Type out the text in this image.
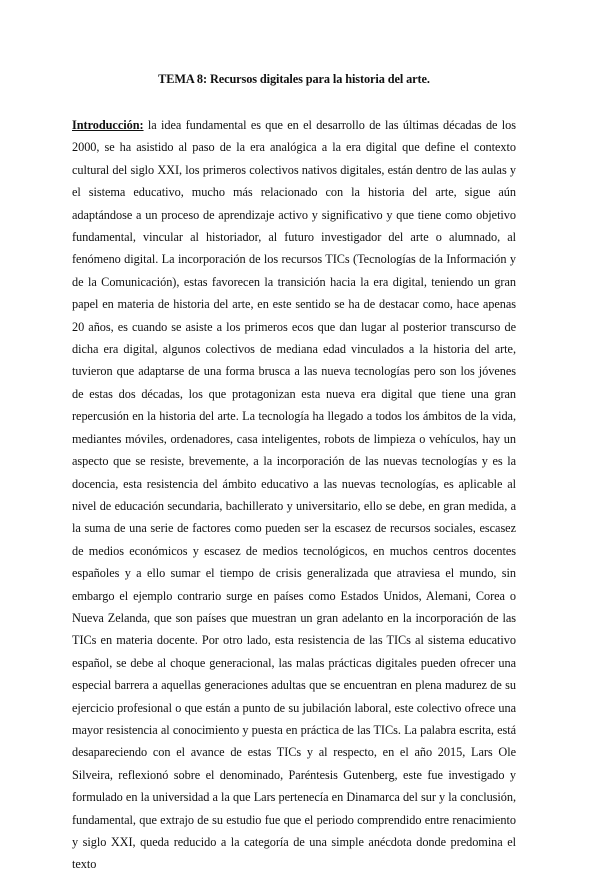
TEMA 8: Recursos digitales para la historia del arte.

Introducción: la idea fundamental es que en el desarrollo de las últimas décadas de los 2000, se ha asistido al paso de la era analógica a la era digital que define el contexto cultural del siglo XXI, los primeros colectivos nativos digitales, están dentro de las aulas y el sistema educativo, mucho más relacionado con la historia del arte, sigue aún adaptándose a un proceso de aprendizaje activo y significativo y que tiene como objetivo fundamental, vincular al historiador, al futuro investigador del arte o alumnado, al fenómeno digital. La incorporación de los recursos TICs (Tecnologías de la Información y de la Comunicación), estas favorecen la transición hacia la era digital, teniendo un gran papel en materia de historia del arte, en este sentido se ha de destacar como, hace apenas 20 años, es cuando se asiste a los primeros ecos que dan lugar al posterior transcurso de dicha era digital, algunos colectivos de mediana edad vinculados a la historia del arte, tuvieron que adaptarse de una forma brusca a las nueva tecnologías pero son los jóvenes de estas dos décadas, los que protagonizan esta nueva era digital que tiene una gran repercusión en la historia del arte. La tecnología ha llegado a todos los ámbitos de la vida, mediantes móviles, ordenadores, casa inteligentes, robots de limpieza o vehículos, hay un aspecto que se resiste, brevemente, a la incorporación de las nuevas tecnologías y es la docencia, esta resistencia del ámbito educativo a las nuevas tecnologías, es aplicable al nivel de educación secundaria, bachillerato y universitario, ello se debe, en gran medida, a la suma de una serie de factores como pueden ser la escasez de recursos sociales, escasez de medios económicos y escasez de medios tecnológicos, en muchos centros docentes españoles y a ello sumar el tiempo de crisis generalizada que atraviesa el mundo, sin embargo el ejemplo contrario surge en países como Estados Unidos, Alemani, Corea o Nueva Zelanda, que son países que muestran un gran adelanto en la incorporación de las TICs en materia docente. Por otro lado, esta resistencia de las TICs al sistema educativo español, se debe al choque generacional, las malas prácticas digitales pueden ofrecer una especial barrera a aquellas generaciones adultas que se encuentran en plena madurez de su ejercicio profesional o que están a punto de su jubilación laboral, este colectivo ofrece una mayor resistencia al conocimiento y puesta en práctica de las TICs. La palabra escrita, está desapareciendo con el avance de estas TICs y al respecto, en el año 2015, Lars Ole Silveira, reflexionó sobre el denominado, Paréntesis Gutenberg, este fue investigado y formulado en la universidad a la que Lars pertenecía en Dinamarca del sur y la conclusión, fundamental, que extrajo de su estudio fue que el periodo comprendido entre renacimiento y siglo XXI, queda reducido a la categoría de una simple anécdota donde predomina el texto
